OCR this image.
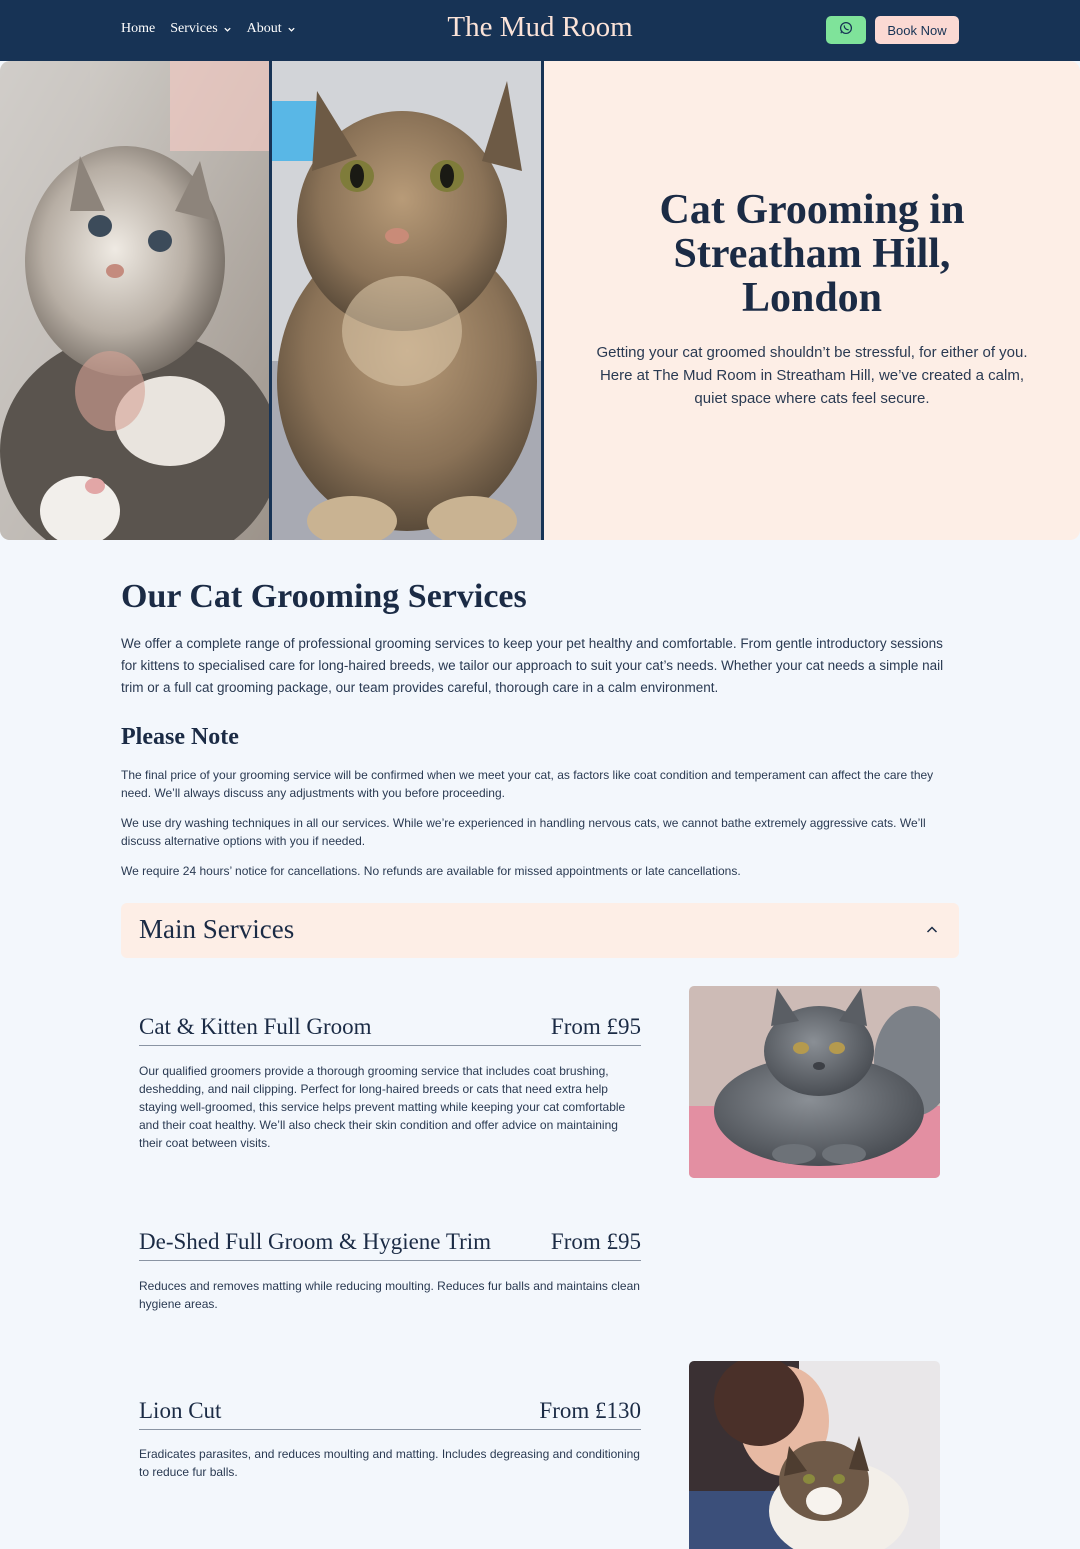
Home Services About	The Mud Room	Book Now
Cat Grooming in
Streatham Hill,
London

Getting your cat groomed shouldn’t be stressful, for either of you. Here at The Mud Room in Streatham Hill, we’ve created a calm, quiet space where cats feel secure.

Our Cat Grooming Services

We offer a complete range of professional grooming services to keep your pet healthy and comfortable. From gentle introductory sessions for kittens to specialised care for long-haired breeds, we tailor our approach to suit your cat’s needs. Whether your cat needs a simple nail trim or a full cat grooming package, our team provides careful, thorough care in a calm environment.

Please Note

The final price of your grooming service will be confirmed when we meet your cat, as factors like coat condition and temperament can affect the care they need. We’ll always discuss any adjustments with you before proceeding.

We use dry washing techniques in all our services. While we’re experienced in handling nervous cats, we cannot bathe extremely aggressive cats. We’ll discuss alternative options with you if needed.

We require 24 hours’ notice for cancellations. No refunds are available for missed appointments or late cancellations.

Main Services
Cat & Kitten Full Groom	From £95

Our qualified groomers provide a thorough grooming service that includes coat brushing, deshedding, and nail clipping. Perfect for long-haired breeds or cats that need extra help staying well-groomed, this service helps prevent matting while keeping your cat comfortable and their coat healthy. We’ll also check their skin condition and offer advice on maintaining their coat between visits.

De-Shed Full Groom & Hygiene Trim	From £95

Reduces and removes matting while reducing moulting. Reduces fur balls and maintains clean hygiene areas.

Lion Cut	From £130

Eradicates parasites, and reduces moulting and matting. Includes degreasing and conditioning to reduce fur balls.
